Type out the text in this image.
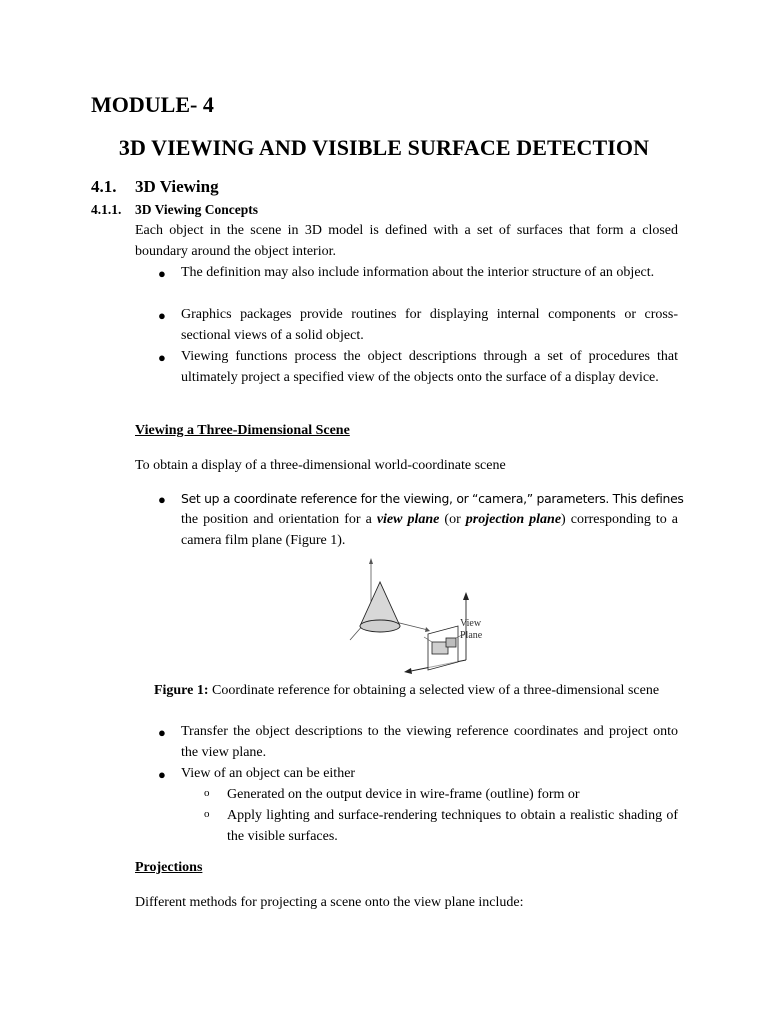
MODULE- 4
3D VIEWING AND VISIBLE SURFACE DETECTION
4.1. 3D Viewing
4.1.1. 3D Viewing Concepts
Each object in the scene in 3D model is defined with a set of surfaces that form a closed boundary around the object interior.
● The definition may also include information about the interior structure of an object.
● Graphics packages provide routines for displaying internal components or cross-sectional views of a solid object.
● Viewing functions process the object descriptions through a set of procedures that ultimately project a specified view of the objects onto the surface of a display device.
Viewing a Three-Dimensional Scene
To obtain a display of a three-dimensional world-coordinate scene
● Set up a coordinate reference for the viewing, or “camera,” parameters. This defines
the position and orientation for a view plane (or projection plane) corresponding to a camera film plane (Figure 1).
View
Plane
Figure 1: Coordinate reference for obtaining a selected view of a three-dimensional scene
● Transfer the object descriptions to the viewing reference coordinates and project onto the view plane.
● View of an object can be either
o Generated on the output device in wire-frame (outline) form or
o Apply lighting and surface-rendering techniques to obtain a realistic shading of the visible surfaces.
Projections
Different methods for projecting a scene onto the view plane include:
